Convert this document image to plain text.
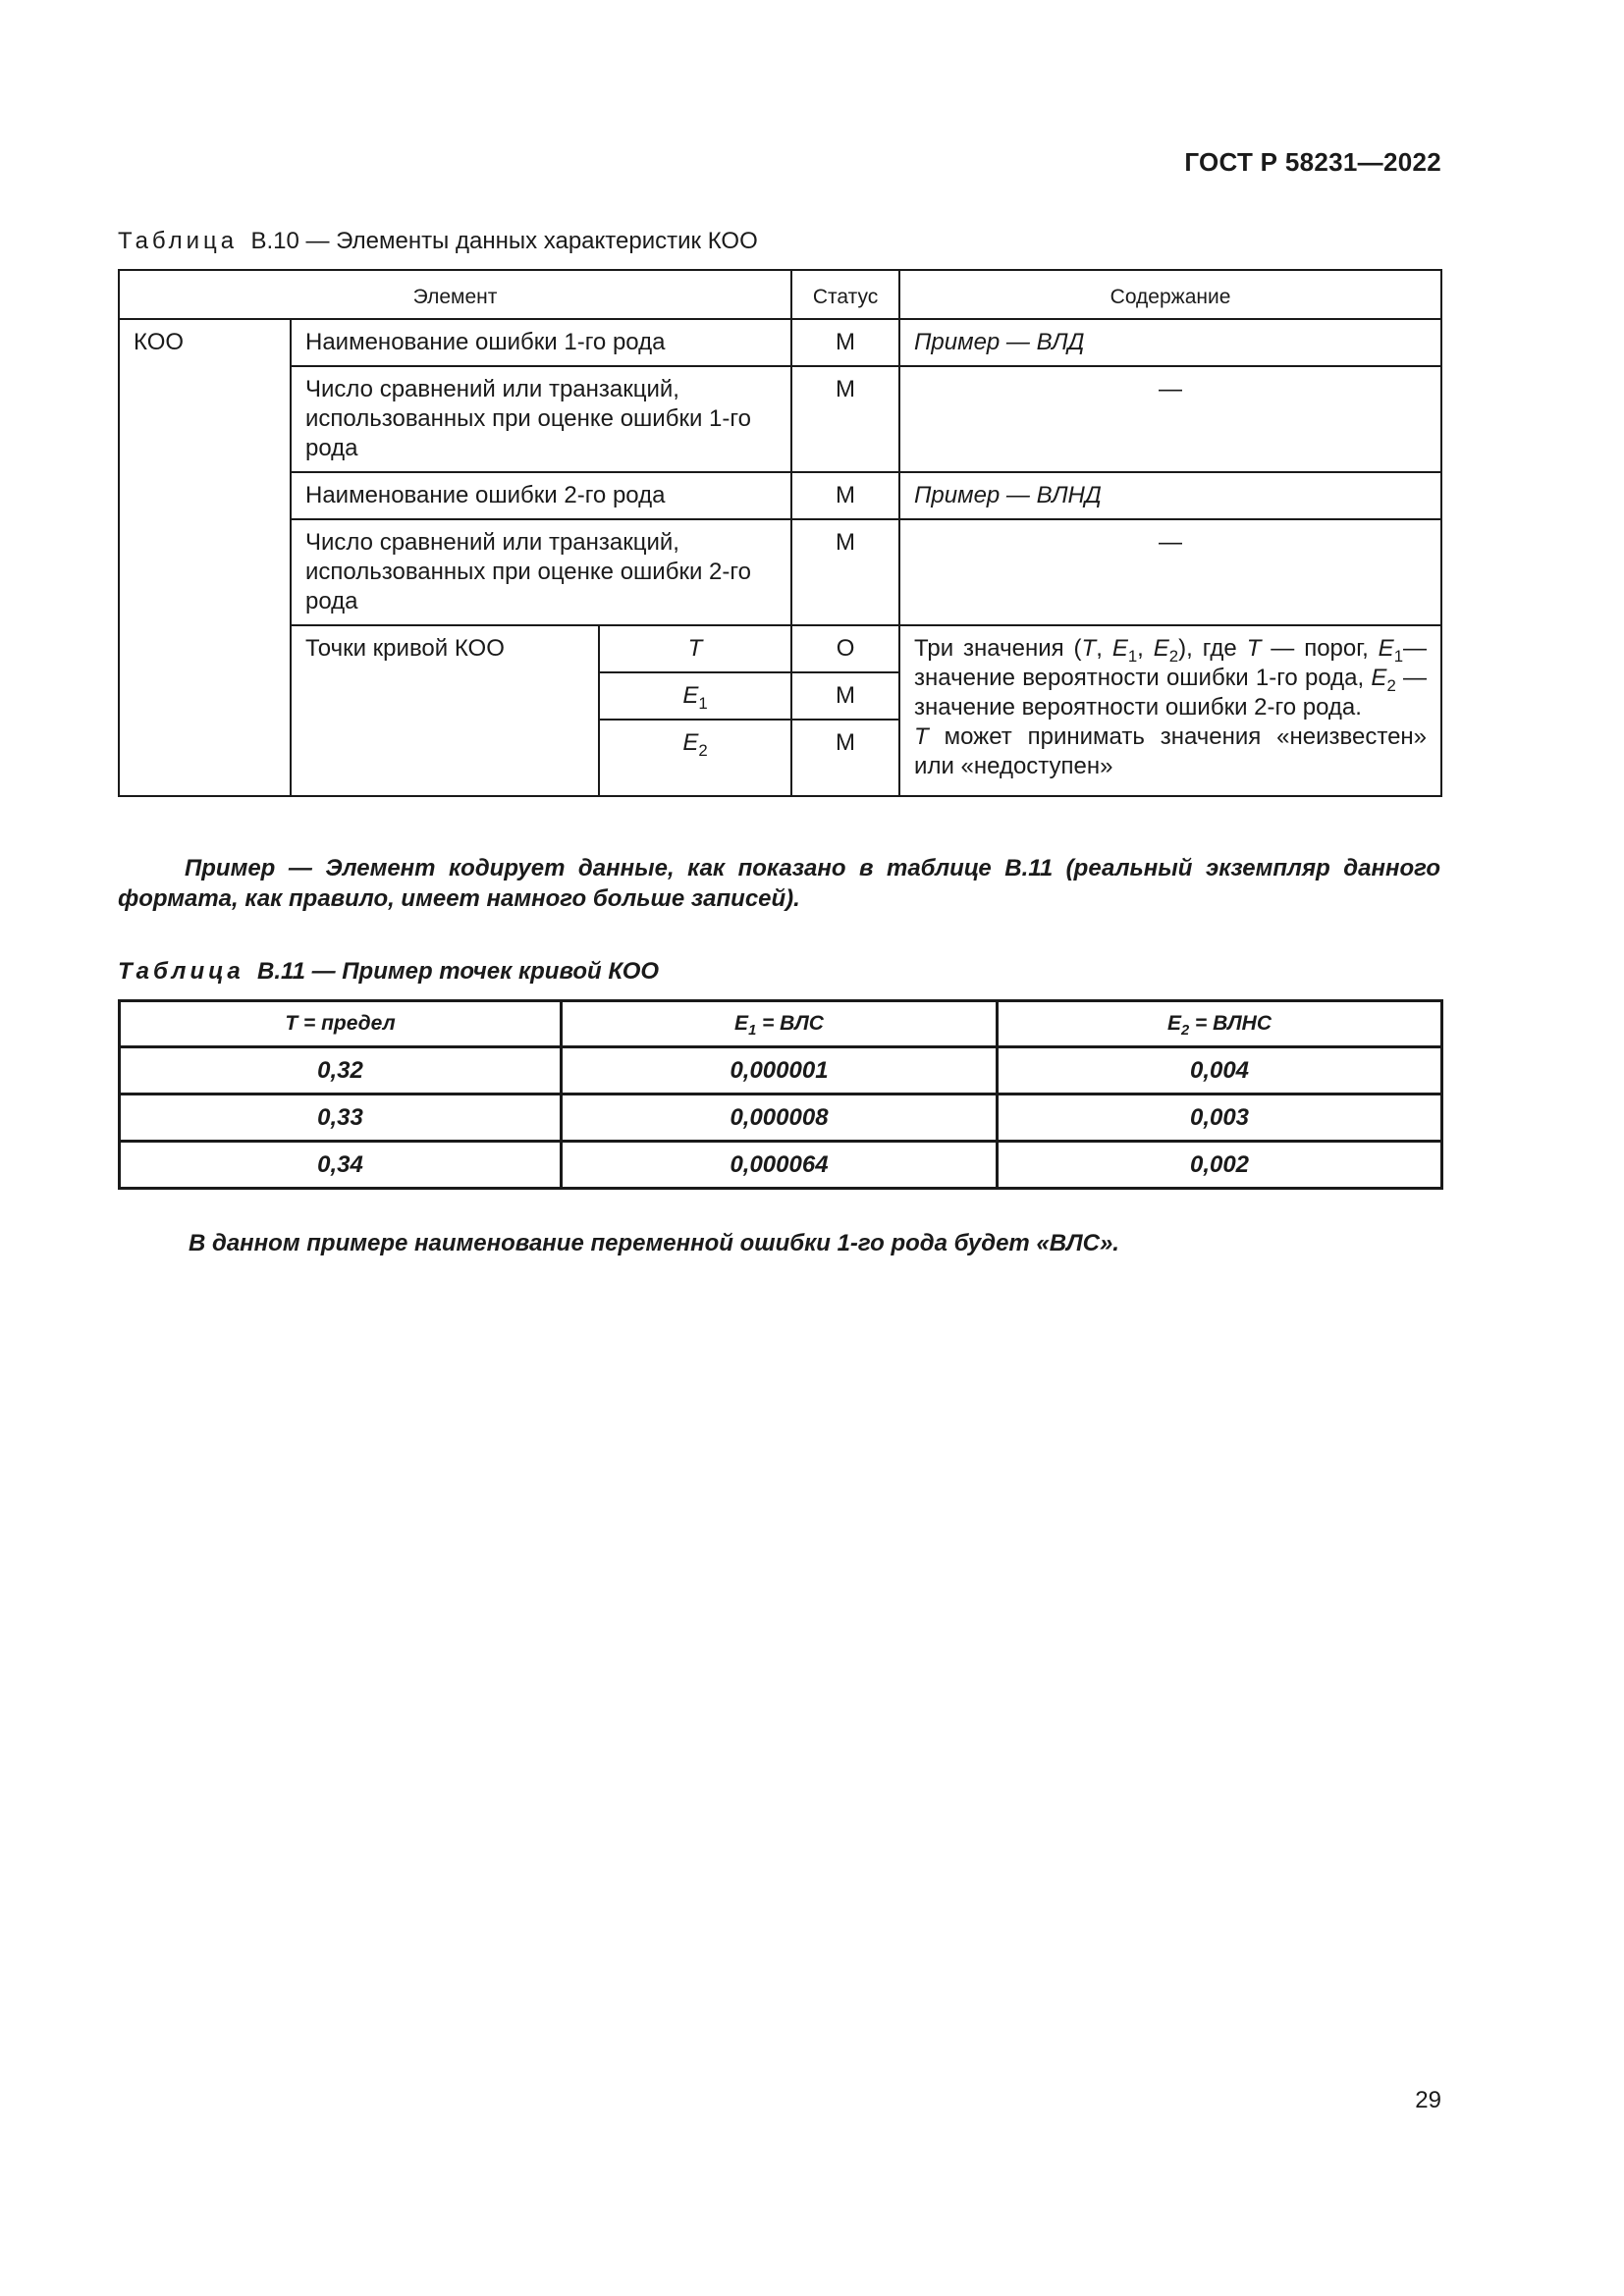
ГОСТ Р 58231—2022
Таблица В.10 — Элементы данных характеристик КОО
Элемент			Статус	Содержание
КОО	Наименование ошибки 1-го рода		М	Пример — ВЛД
	Число сравнений или транзакций, использованных при оценке ошибки 1-го рода		М	—
	Наименование ошибки 2-го рода		М	Пример — ВЛНД
	Число сравнений или транзакций, использованных при оценке ошибки 2-го рода		М	—
	Точки кривой КОО	T	О	Три значения (T, $E_1$, $E_2$), где T — порог, $E_1—$ значение вероятности ошибки 1-го рода, $E_2$ — значение вероятности ошибки 2-го рода.
T может принимать значения «неизвестен» или «недоступен»
		$E_1$	М	
		$E_2$	М	
Пример — Элемент кодирует данные, как показано в таблице В.11 (реальный экземпляр данного формата, как правило, имеет намного больше записей).
Таблица В.11 — Пример точек кривой КОО
T = предел	$E_1$ = ВЛС	$E_2$ = ВЛНС
0,32	0,000001	0,004
0,33	0,000008	0,003
0,34	0,000064	0,002
В данном примере наименование переменной ошибки 1-го рода будет «ВЛС».
29
